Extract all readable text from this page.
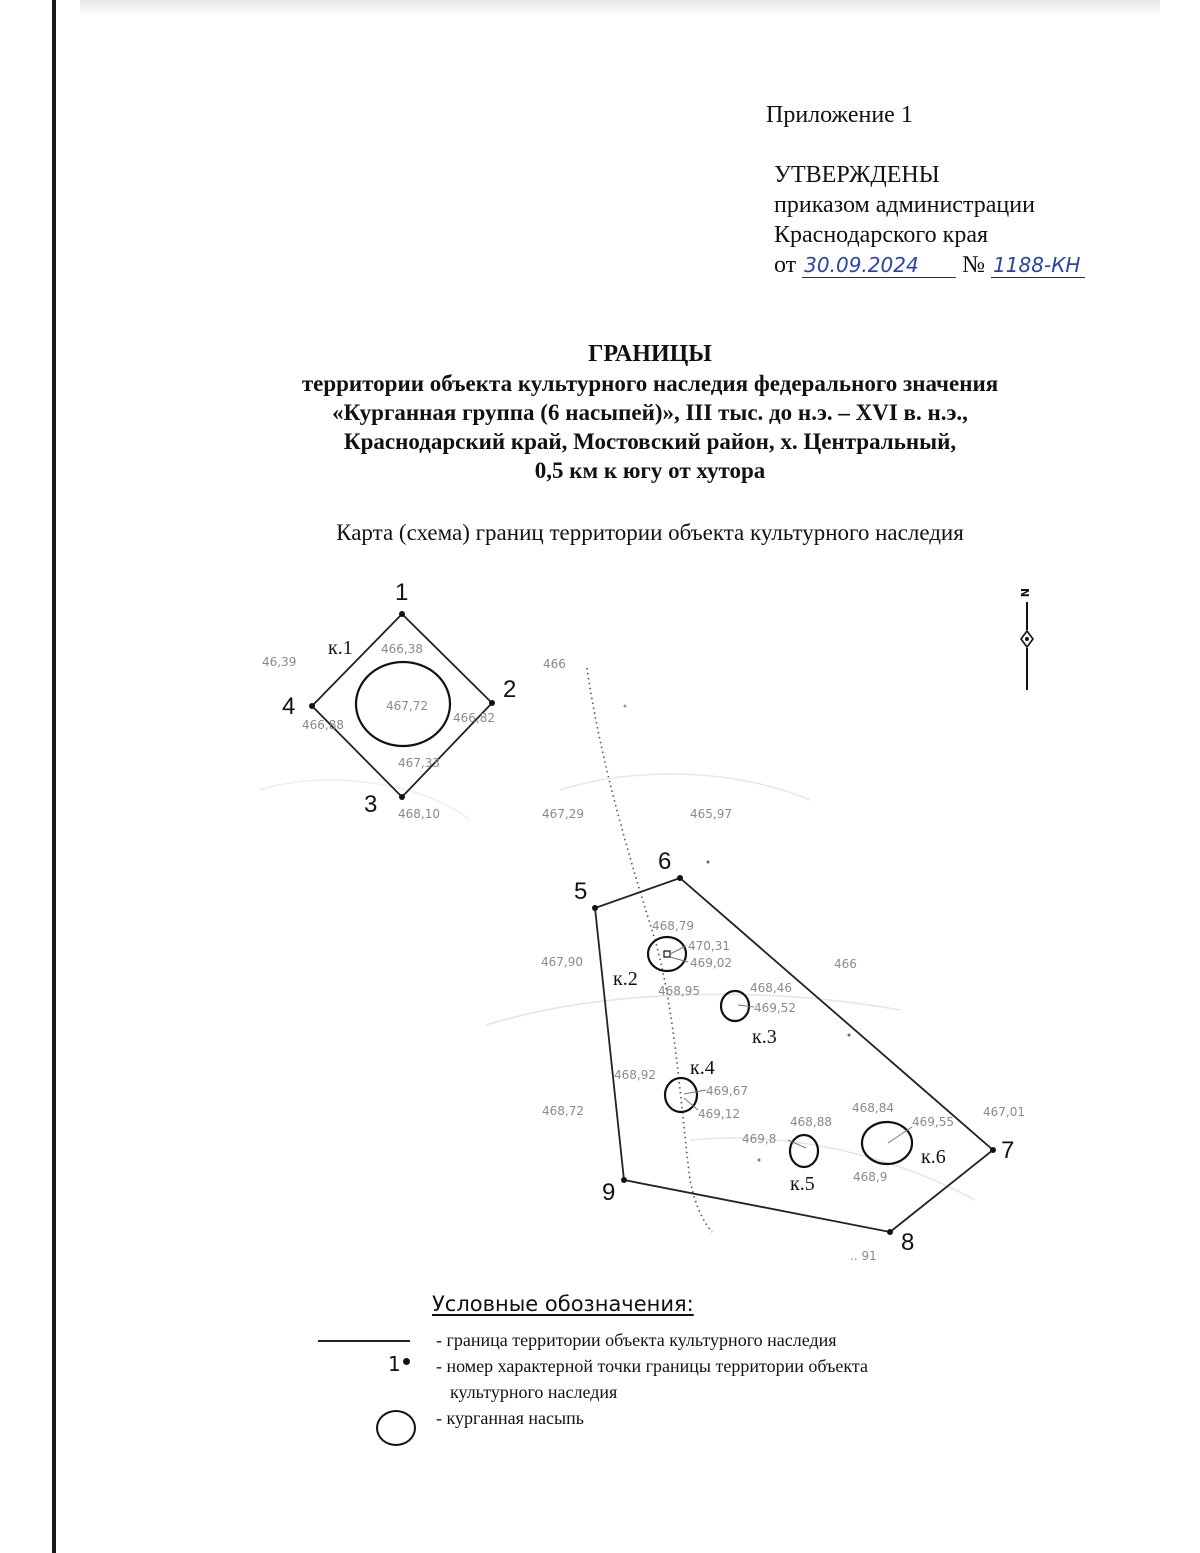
Приложение 1
УТВЕРЖДЕНЫ
приказом администрации
Краснодарского края
от 30.09.2024 № 1188-КН
ГРАНИЦЫ
территории объекта культурного наследия федерального значения
«Курганная группа (6 насыпей)», III тыс. до н.э. – XVI в. н.э.,
Краснодарский край, Мостовский район, х. Центральный,
0,5 км к югу от хутора
Карта (схема) границ территории объекта культурного наследия
1
2
3
4
5
6
7
8
9
к.1
к.2
к.3
к.4
к.5
к.6
466,38
467,72
466,88	466,82
467,33
468,10	467,29	465,97
468,79
470,31
469,02
467,90
468,95	468,46
469,52
466
468,92
469,67
469,12
468,72
468,88
469,8
468,84
469,55
467,01
468,9
46,39	466
.. 91
N
Условные обозначения:
- граница территории объекта культурного наследия
1	- номер характерной точки границы территории объекта
культурного наследия
- курганная насыпь
